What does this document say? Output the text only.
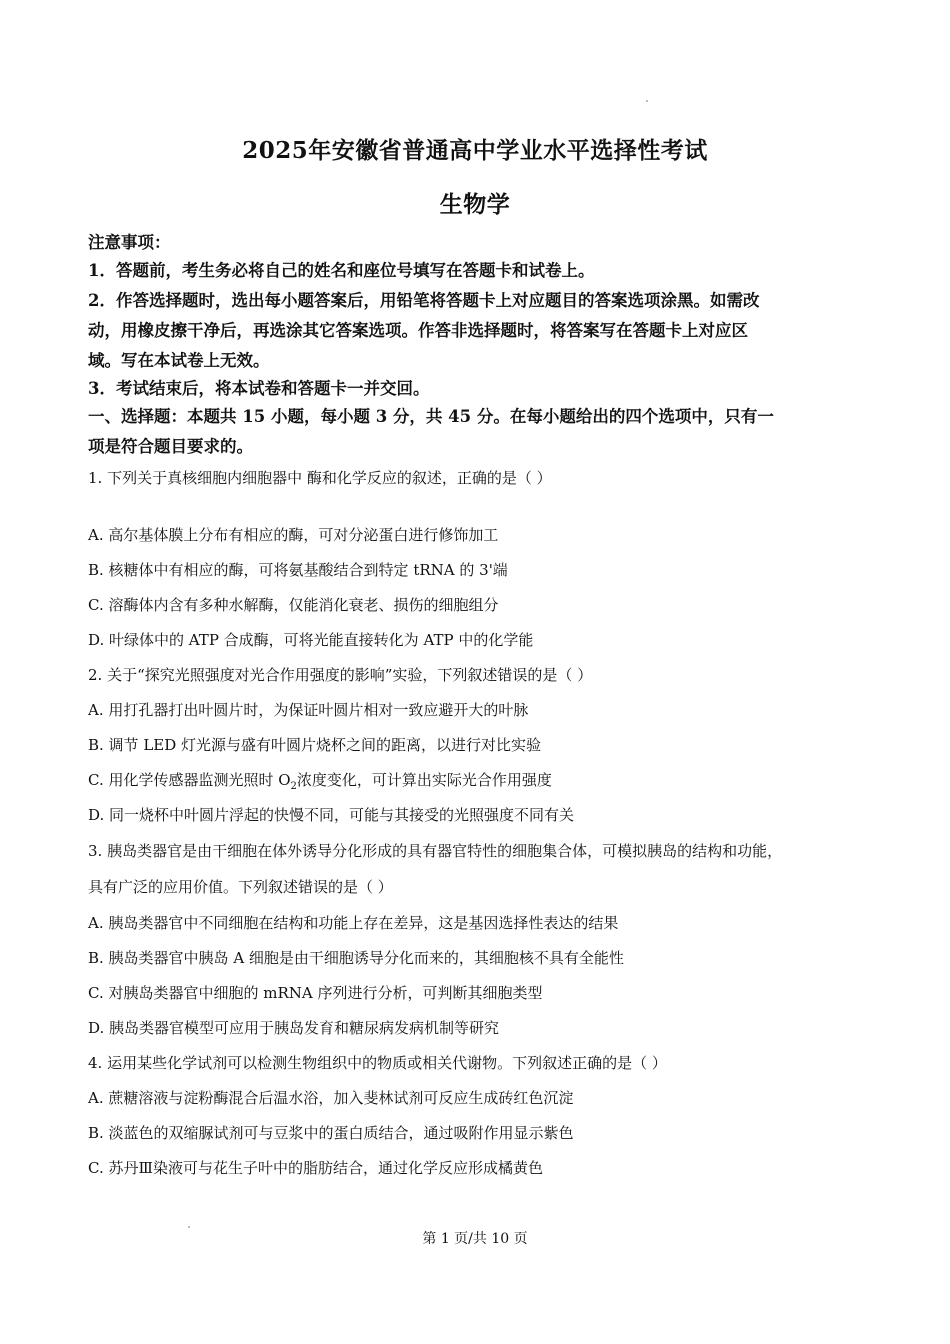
2025年安徽省普通高中学业水平选择性考试
生物学
注意事项：
1．答题前，考生务必将自己的姓名和座位号填写在答题卡和试卷上。
2．作答选择题时，选出每小题答案后，用铅笔将答题卡上对应题目的答案选项涂黑。如需改
动，用橡皮擦干净后，再选涂其它答案选项。作答非选择题时，将答案写在答题卡上对应区
域。写在本试卷上无效。
3．考试结束后，将本试卷和答题卡一并交回。
一、选择题：本题共 15 小题，每小题 3 分，共 45 分。在每小题给出的四个选项中，只有一
项是符合题目要求的。
1. 下列关于真核细胞内细胞器中 酶和化学反应的叙述，正确的是（ ）
A. 高尔基体膜上分布有相应的酶，可对分泌蛋白进行修饰加工
B. 核糖体中有相应的酶，可将氨基酸结合到特定 tRNA 的 3'端
C. 溶酶体内含有多种水解酶，仅能消化衰老、损伤的细胞组分
D. 叶绿体中的 ATP 合成酶，可将光能直接转化为 ATP 中的化学能
2. 关于“探究光照强度对光合作用强度的影响”实验，下列叙述错误的是（ ）
A. 用打孔器打出叶圆片时，为保证叶圆片相对一致应避开大的叶脉
B. 调节 LED 灯光源与盛有叶圆片烧杯之间的距离，以进行对比实验
C. 用化学传感器监测光照时 $O_2$浓度变化，可计算出实际光合作用强度
D. 同一烧杯中叶圆片浮起的快慢不同，可能与其接受的光照强度不同有关
3. 胰岛类器官是由干细胞在体外诱导分化形成的具有器官特性的细胞集合体，可模拟胰岛的结构和功能，
具有广泛的应用价值。下列叙述错误的是（ ）
A. 胰岛类器官中不同细胞在结构和功能上存在差异，这是基因选择性表达的结果
B. 胰岛类器官中胰岛 A 细胞是由干细胞诱导分化而来的，其细胞核不具有全能性
C. 对胰岛类器官中细胞的 mRNA 序列进行分析，可判断其细胞类型
D. 胰岛类器官模型可应用于胰岛发育和糖尿病发病机制等研究
4. 运用某些化学试剂可以检测生物组织中的物质或相关代谢物。下列叙述正确的是（ ）
A. 蔗糖溶液与淀粉酶混合后温水浴，加入斐林试剂可反应生成砖红色沉淀
B. 淡蓝色的双缩脲试剂可与豆浆中的蛋白质结合，通过吸附作用显示紫色
C. 苏丹Ⅲ染液可与花生子叶中的脂肪结合，通过化学反应形成橘黄色
第 1 页/共 10 页
